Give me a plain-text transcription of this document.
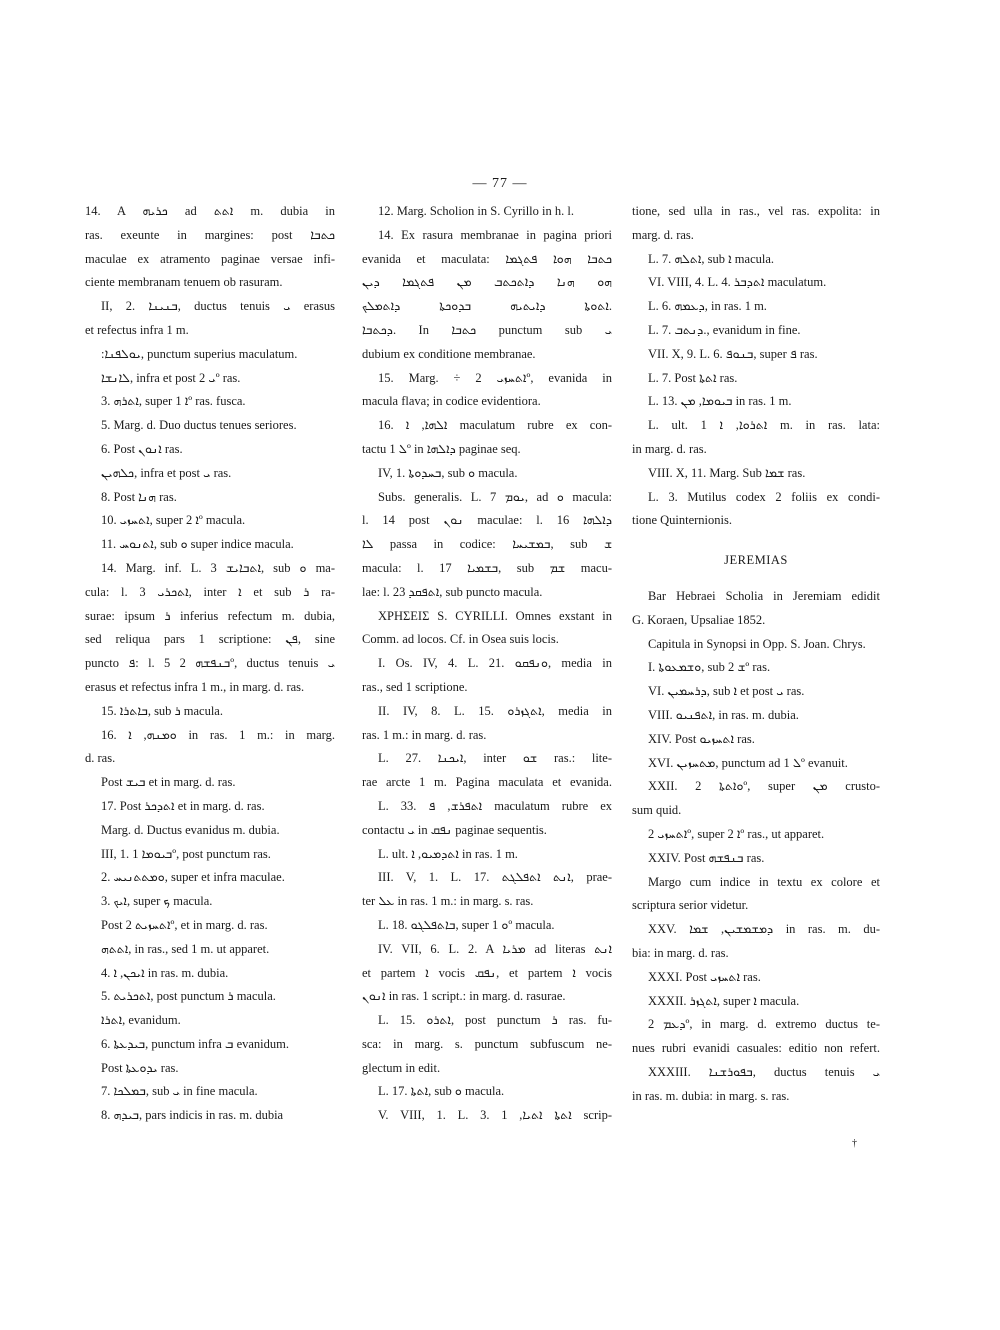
— 77 —
14. A ܟܪܝܗ ad ܐܬܬ m. dubia in
ras. exeunte in margines: post ܟܬܒܐ
maculae ex atramento paginae versae infi-
ciente membranam tenuem ob rasuram.
II, 2. ܒܢܝܢܐ, ductus tenuis ܝ erasus
et refectus infra 1 m.
:ܝܘܠܦܢܐ, punctum superius maculatum.
ܠܐܢܫܐ, infra et post ܝ 2º ras.
3. ܐܬܪܗ, super ܐ 1º ras. fusca.
5. Marg. d. Duo ductus tenues seriores.
6. Post ܐܢܘܢ ras.
ܟܠܗܝܢ, infra et post ܝ ras.
8. Post ܗܢܐ ras.
10. ܐܬܚܙܝ, super ܐ 2º macula.
11. ܐܬܢܘܚ, sub ܘ super indice macula.
14. Marg. inf. L. 3 ܐܬܒܐܝܫ, sub ܘ ma-
cula: l. 3 ܐܬܟܪܝ, inter ܐ et sub ܪ ra-
surae: ipsum ܪ inferius refectum m. dubia,
sed reliqua pars 1 scriptione: ܦܢ, sine
puncto ܦ: l. 5 ܒܢܦܫܗ 2º, ductus tenuis ܝ
erasus et refectus infra 1 m., in marg. d. ras.
15. ܒܐܬܪܐ, sub ܪ macula.
16. ܘܡܢܗ, ܐ in ras. 1 m.: in marg.
d. ras.
Post ܒܝܫ et in marg. d. ras.
17. Post ܐܬܕܟܪ et in marg. d. ras.
Marg. d. Ductus evanidus m. dubia.
III, 1. ܒܝܘܡܐ 1º, post punctum ras.
2. ܘܡܬܬܢܝܚ, super et infra maculae.
3. ܐܝܟ, super ܟ macula.
Post ܐܬܚܙܝܬ 2º, et in marg. d. ras.
ܐܬܬܗ, in ras., sed 1 m. ut apparet.
4. ܐܝܟܢ, ܐ in ras. m. dubia.
5. ܐܬܟܪܝܬ, post punctum ܪ macula.
ܐܬܪܐ, evanidum.
6. ܒܝܕܥܬܐ, punctum infra ܒ evanidum.
Post ܝܕܘܥܬܐ ras.
7. ܒܡܠܟܐ, sub ܝ in fine macula.
8. ܒܝܕܗ, pars indicis in ras. m. dubia
12. Marg. Scholion in S. Cyrillo in h. l.
14. Ex rasura membranae in pagina priori
evanida et maculata: ܟܬܒܐ ܗܘܐ ܦܬܓܡܐ
ܗܘ ܗܢܐ ܕܐܬܟܬܒ ܡܢ ܦܬܓܡܐ ܕܝܢ
ܐܬܘܬܐ ܕܐܝܬܝܗ ܒܕܘܟܬܐ ܕܐܬܡܠܟ.
ܕܟܬܒܐ. In ܟܬܒܐ punctum sub ܝ
dubium ex conditione membranae.
15. Marg. ÷ ܐܬܚܙܝ 2º, evanida in
macula flava; in codice evidentiora.
16. ܐܠܗܐ, ܐ maculatum rubre ex con-
tactu ܠ 1º in ܕܐܠܗܐ paginae seq.
IV, 1. ܒܚܕܘܬܐ, sub ܘ macula.
Subs. generalis. L. 7 ܝܘܡ, ad ܘ macula:
l. 14 post ܢܘܢ maculae: l. 16 ܕܐܠܗܐ
ܠܐ passa in codice: ܒܡܫܝܚܐ, sub ܫ
macula: l. 17 ܒܫܡܝܐ, sub ܫܡ macu-
lae: l. 23 ܐܬܦܩܕ, sub puncto macula.
ΧΡΗΣΕΙΣ S. CYRILLI. Omnes exstant in
Comm. ad locos. Cf. in Osea suis locis.
I. Os. IV, 4. L. 21. ܘܢܦܩܘ, media in
ras., sed 1 scriptione.
II. IV, 8. L. 15. ܐܬܓܙܪܘ, media in
ras. 1 m.: in marg. d. ras.
L. 27. ܐܝܟܢܐ, inter ܫܘ ras.: lite-
rae arcte 1 m. Pagina maculata et evanida.
L. 33. ܐܬܦܪܫ, ܦ maculatum rubre ex
contactu ܝ in ܢܦܩ paginae sequentis.
L. ult. ܐܬܕܡܝܘ, ܐ in ras. 1 m.
III. V, 1. L. 17. ܐܢܬ ܐܬܦܠܓܬ, prae-
ter ܥܠ in ras. 1 m.: in marg. s. ras.
L. 18. ܒܐܬܦܠܓܘ, super ܘ 1º macula.
IV. VII, 6. L. 2. A ܡܪܝܐ ad literas ܐܢܬ
et partem ܐ vocis ܢܦܩ, et partem ܐ vocis
ܐܢܘܢ in ras. 1 script.: in marg. d. rasurae.
L. 15. ܐܬܪܘ, post punctum ܪ ras. fu-
sca: in marg. s. punctum subfuscum ne-
glectum in edit.
L. 17. ܐܬܬܐ, sub ܘ macula.
V. VIII, 1. L. 3. ܐܬܬܐ ܐܬܝܐ, 1 scrip-
tione, sed ulla in ras., vel ras. expolita: in
marg. d. ras.
L. 7. ܐܬܠܗ, sub ܐ macula.
VI. VIII, 4. L. 4. ܐܬܕܒܪ maculatum.
L. 6. ܕܥܡܗ, in ras. 1 m.
L. 7. ܕܢܬܒ., evanidum in fine.
VII. X, 9. L. 6. ܒܢܘܦ, super ܦ ras.
L. 7. Post ܐܬܬܐ ras.
L. 13. ܒܝܘܡܐ, ܡܢ in ras. 1 m.
L. ult. ܐܬܪܘܐ, ܐ 1 m. in ras. lata:
in marg. d. ras.
VIII. X, 11. Marg. Sub ܫܡܐ ras.
L. 3. Mutilus codex 2 foliis ex condi-
tione Quinternionis.
JEREMIAS
Bar Hebraei Scholia in Jeremiam edidit
G. Koraen, Upsaliae 1852.
Capitula in Synopsi in Opp. S. Joan. Chrys.
I. ܘܫܡܥܘܬܐ, sub ܫ 2º ras.
VI. ܕܪܚܡܝܢ, sub ܐ et post ܝ ras.
VIII. ܐܬܦܢܝܘ, in ras. m. dubia.
XIV. Post ܐܬܚܙܝܘ ras.
XVI. ܡܬܚܙܝܢ, punctum ad ܠ 1º evanuit.
XXII. ܘܐܬܬܐ 2º, super ܡܢ crusto-
sum quid.
ܐܬܚܙܝ 2º, super ܐ 2º ras., ut apparet.
XXIV. Post ܒܢܦܫܗ ras.
Margo cum indice in textu ex colore et
scriptura serior videtur.
XXV. ܕܡܫܡܫܝܢ, ܫܡܐ in ras. m. du-
bia: in marg. d. ras.
XXXI. Post ܐܬܚܙܝ ras.
XXXII. ܐܬܓܙܪ, super ܐ macula.
ܕܥܡ 2º, in marg. d. extremo ductus te-
nues rubri evanidi casuales: editio non refert.
XXXIII. ܒܦܘܪܫܢܐ, ductus tenuis ܝ
in ras. m. dubia: in marg. s. ras.
†
